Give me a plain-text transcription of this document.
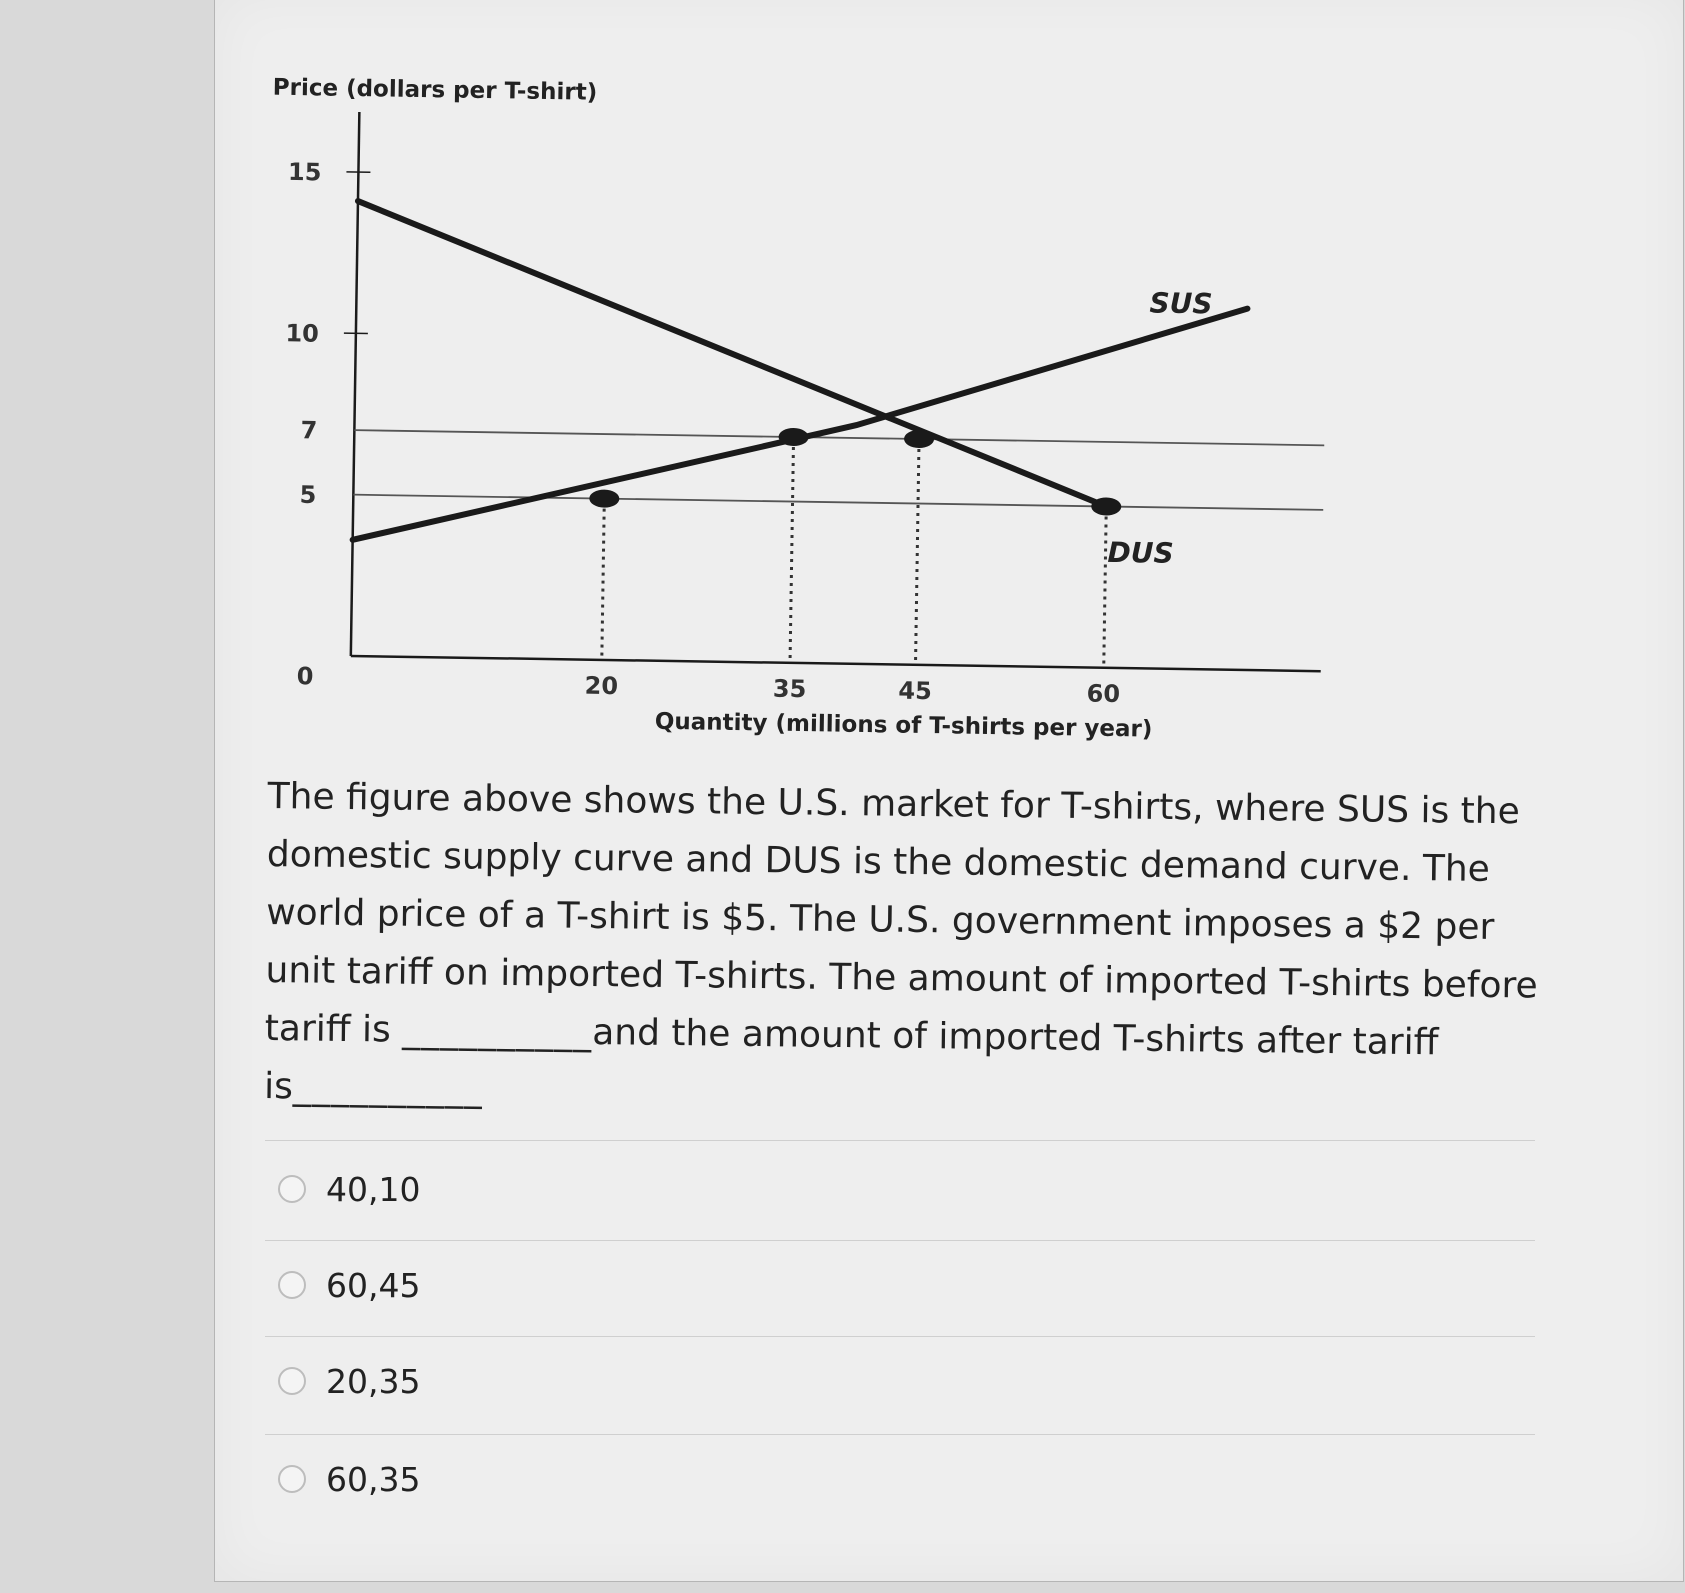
Price (dollars per T-shirt)
15
10
7
5
0	20	35	45	60
Quantity (millions of T-shirts per year)
SUS
DUS
The figure above shows the U.S. market for T-shirts, where SUS is the domestic supply curve and DUS is the domestic demand curve. The world price of a T-shirt is $5. The U.S. government imposes a $2 per unit tariff on imported T-shirts. The amount of imported T-shirts before tariff is __________and the amount of imported T-shirts after tariff is__________
40,10
60,45
20,35
60,35
